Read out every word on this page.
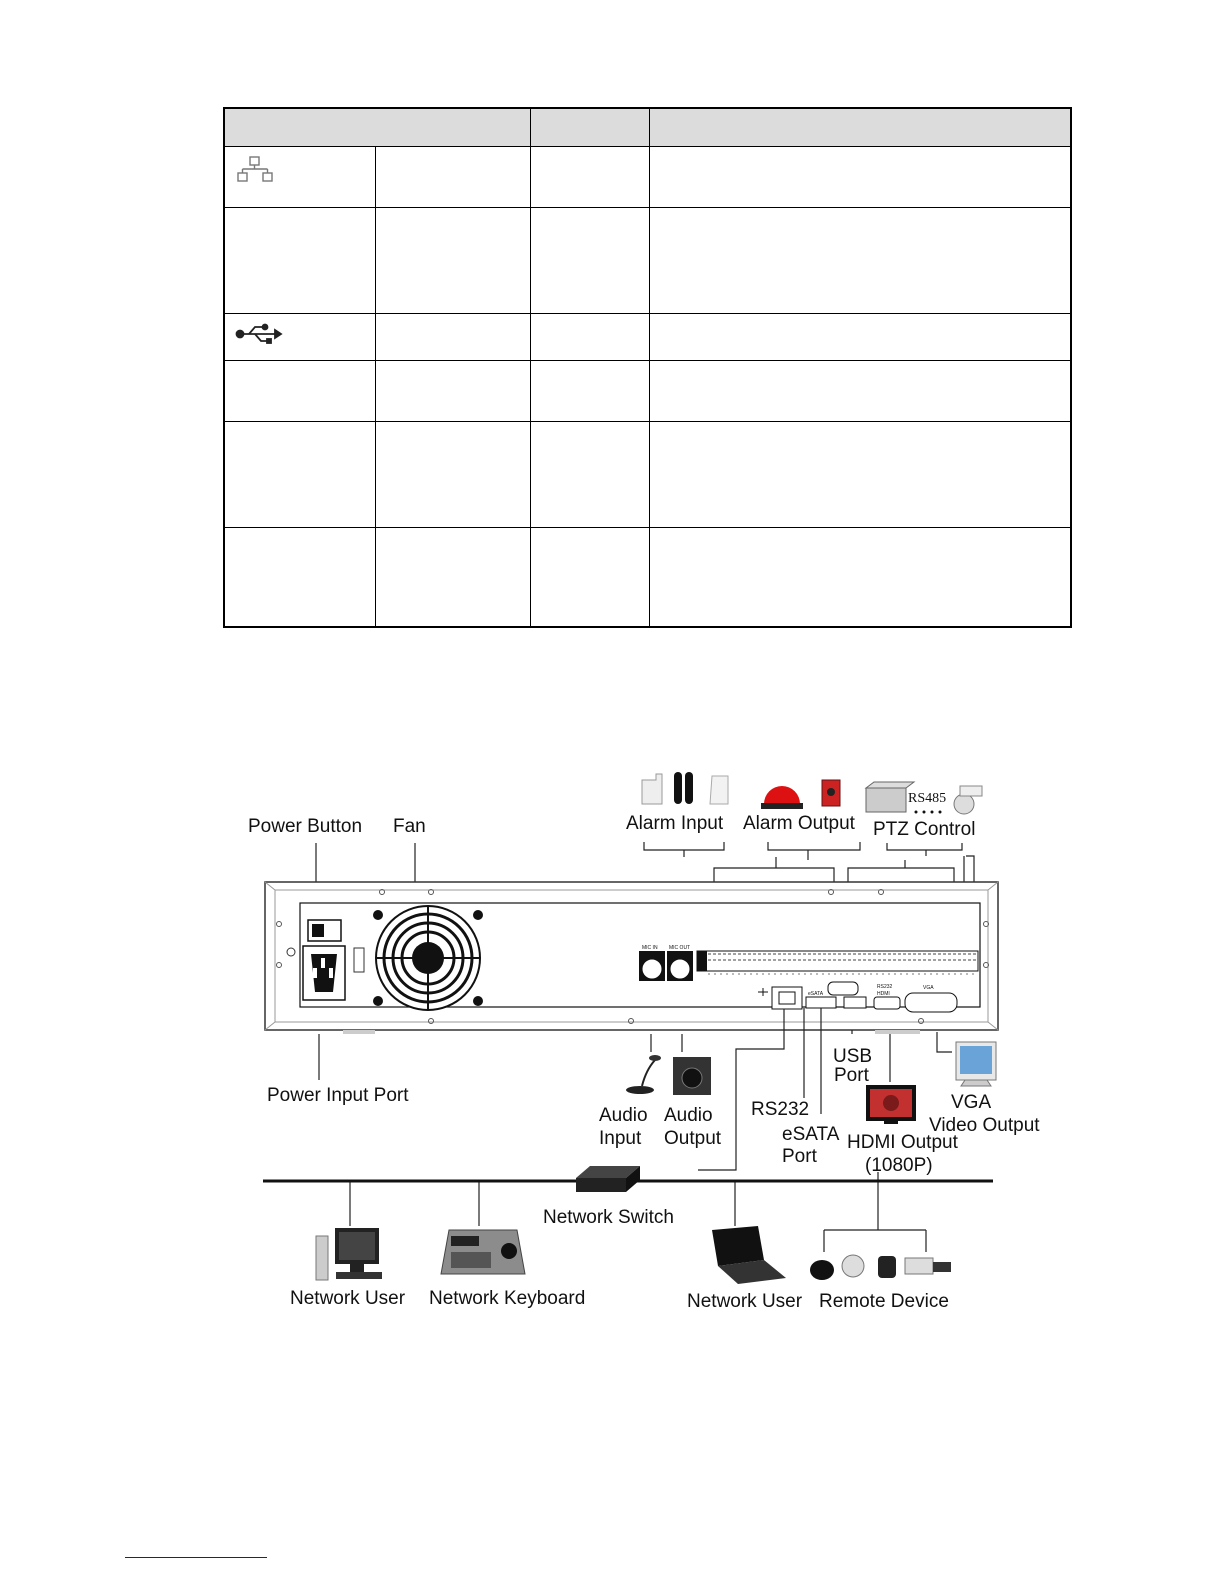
RS485
Power Button Fan	Alarm Input Alarm Output PTZ Control
MIC IN MIC OUT
eSATA
RS232
HDMI
VGA
Power Input Port
Audio
Input
Audio
Output
RS232
eSATA
Port
USB
Port
HDMI Output
(1080P)
VGA
Video Output
Network Switch
Network User Network Keyboard	Network User Remote Device
